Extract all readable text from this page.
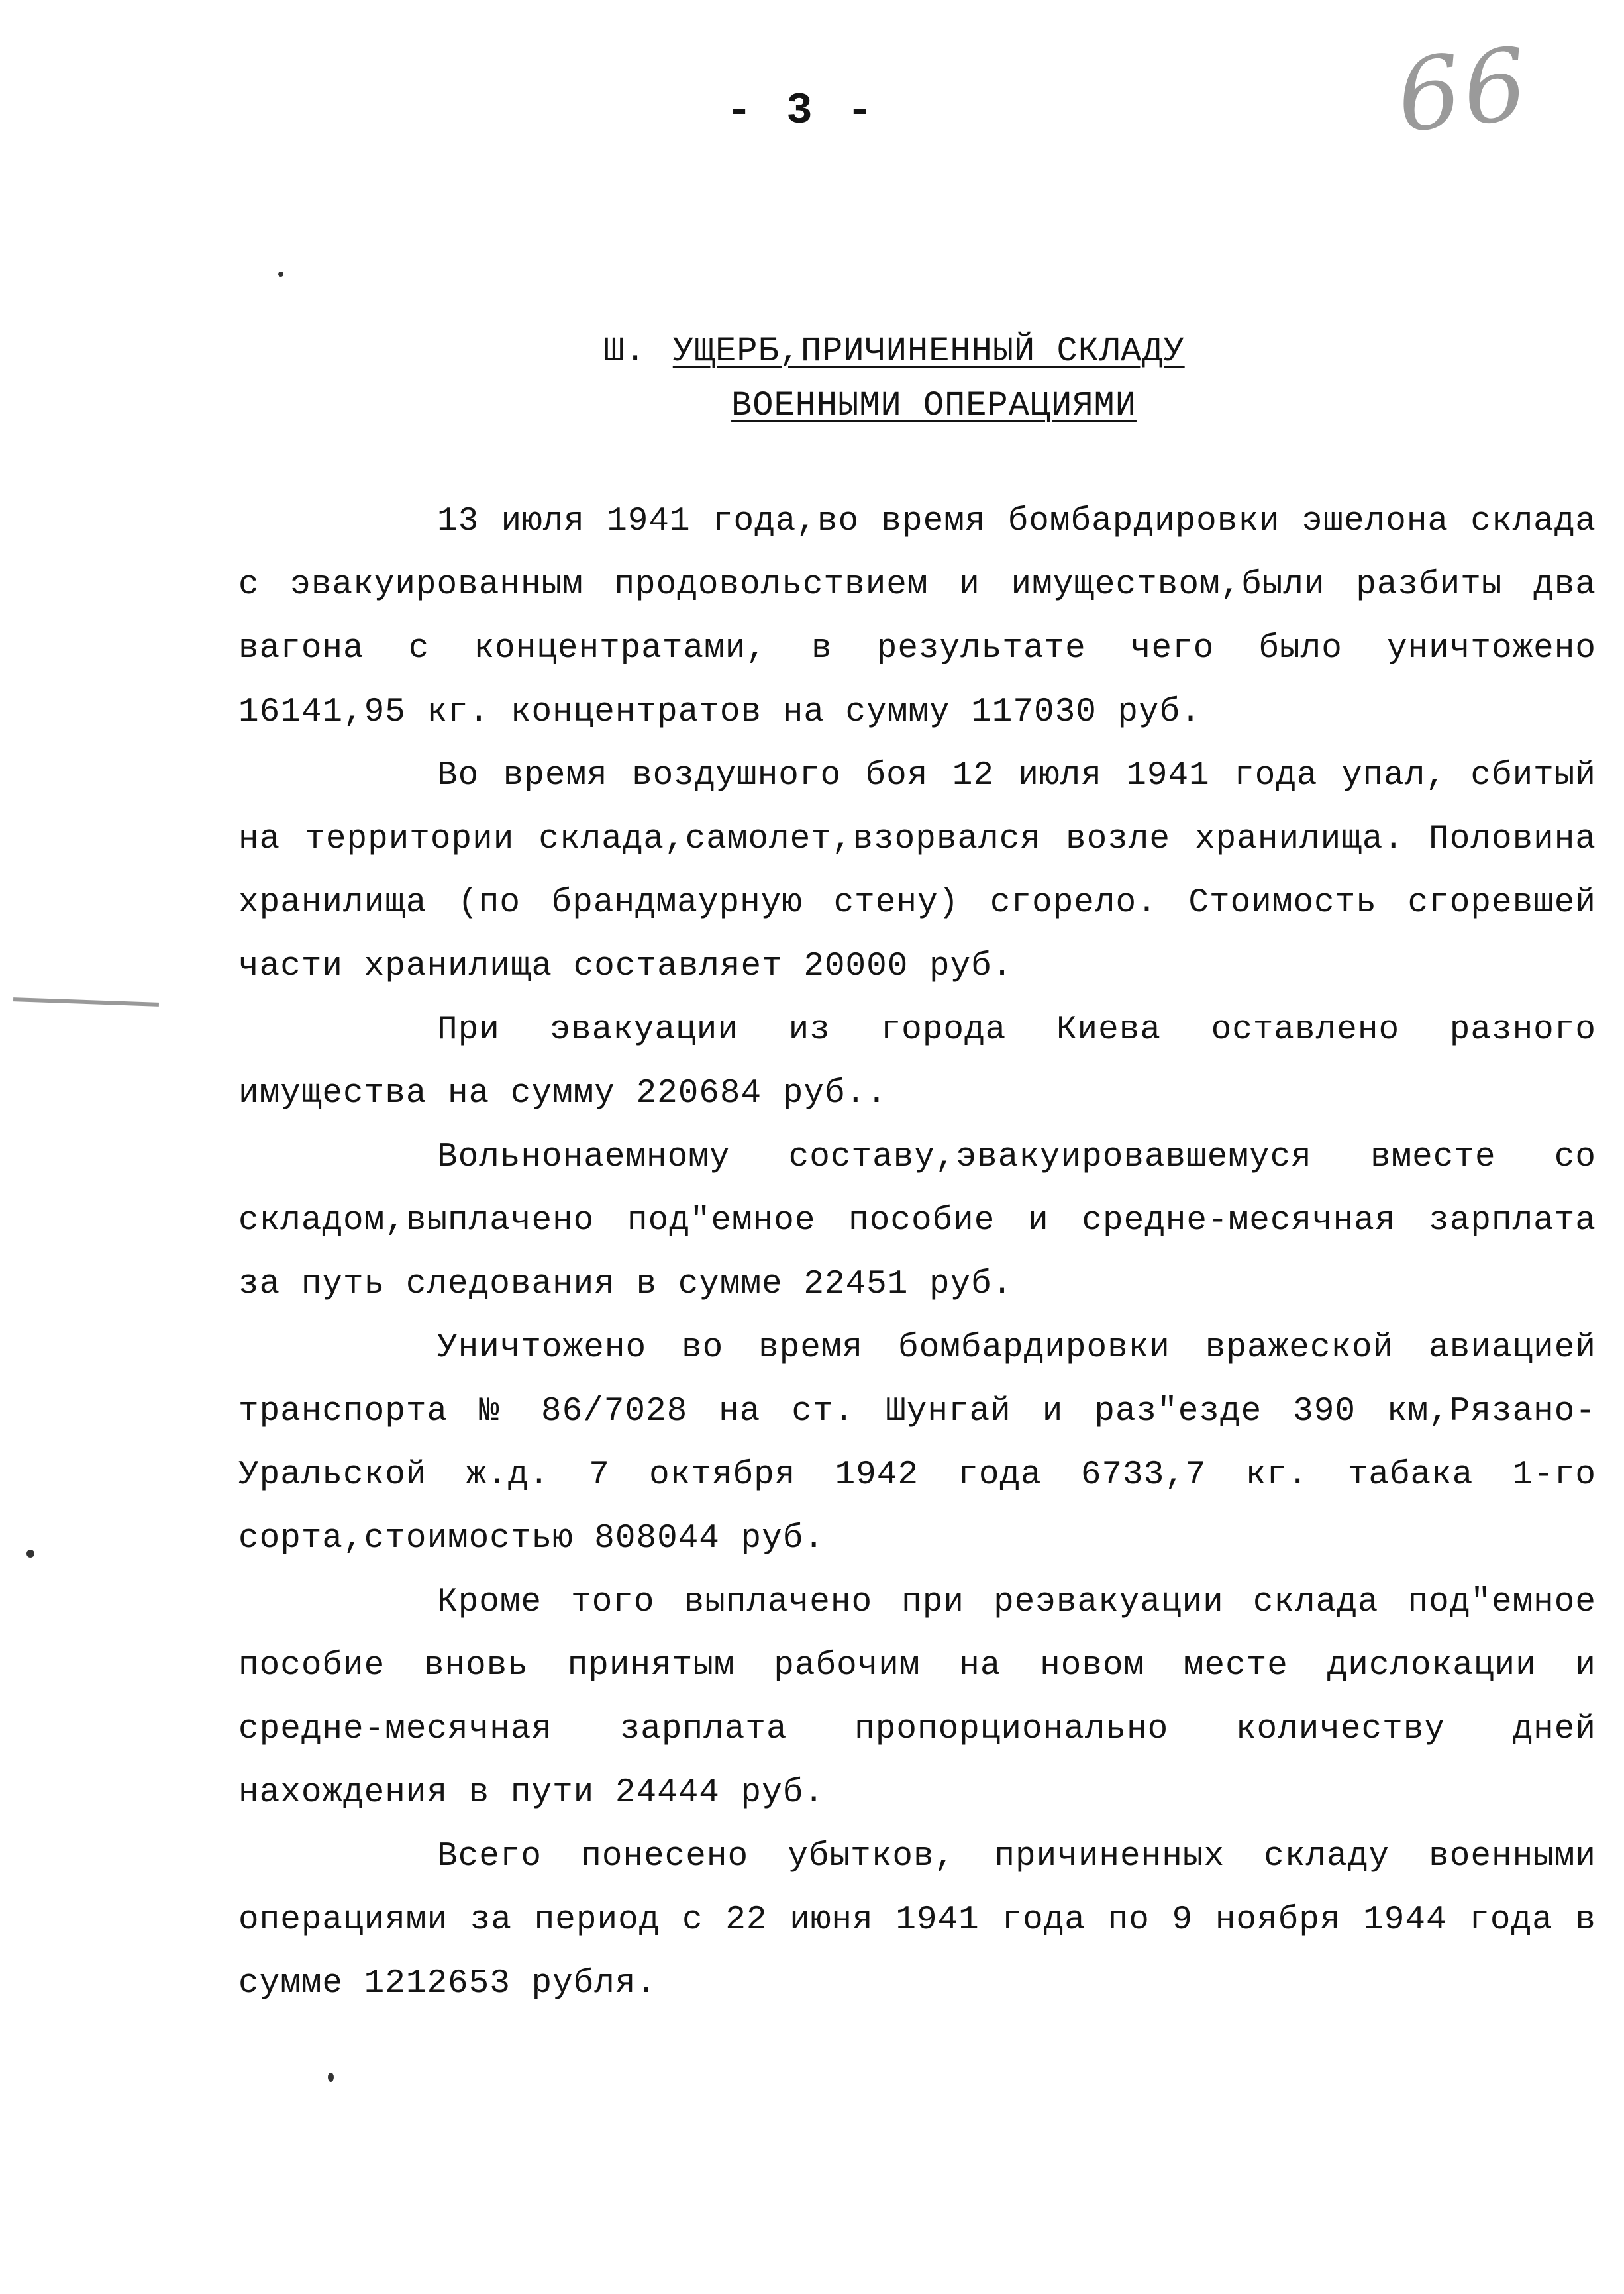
66
- 3 -
Ш. УЩЕРБ,ПРИЧИНЕННЫЙ СКЛАДУ
ВОЕННЫМИ ОПЕРАЦИЯМИ

13 июля 1941 года,во время бомбардировки эшелона склада с эвакуированным продовольствием и имуществом,были разбиты два вагона с концентратами, в результате чего было уничтожено 16141,95 кг. концентратов на сумму 117030 руб.

Во время воздушного боя 12 июля 1941 года упал, сбитый на территории склада,самолет,взорвался возле хранилища. Половина хранилища (по брандмаурную стену) сгорело. Стоимость сгоревшей части хранилища составляет 20000 руб.

При эвакуации из города Киева оставлено разного имущества на сумму 220684 руб..

Вольнонаемному составу,эвакуировавшемуся вместе со складом,выплачено под"емное пособие и средне-месячная зарплата за путь следования в сумме 22451 руб.

Уничтожено во время бомбардировки вражеской авиацией транспорта № 86/7028 на ст. Шунгай и раз"езде 390 км,Рязано-Уральской ж.д. 7 октября 1942 года 6733,7 кг. табака 1-го сорта,стоимостью 808044 руб.

Кроме того выплачено при реэвакуации склада под"емное пособие вновь принятым рабочим на новом месте дислокации и средне-месячная зарплата пропорционально количеству дней нахождения в пути 24444 руб.

Всего понесено убытков, причиненных складу военными операциями за период с 22 июня 1941 года по 9 ноября 1944 года в сумме 1212653 рубля.
